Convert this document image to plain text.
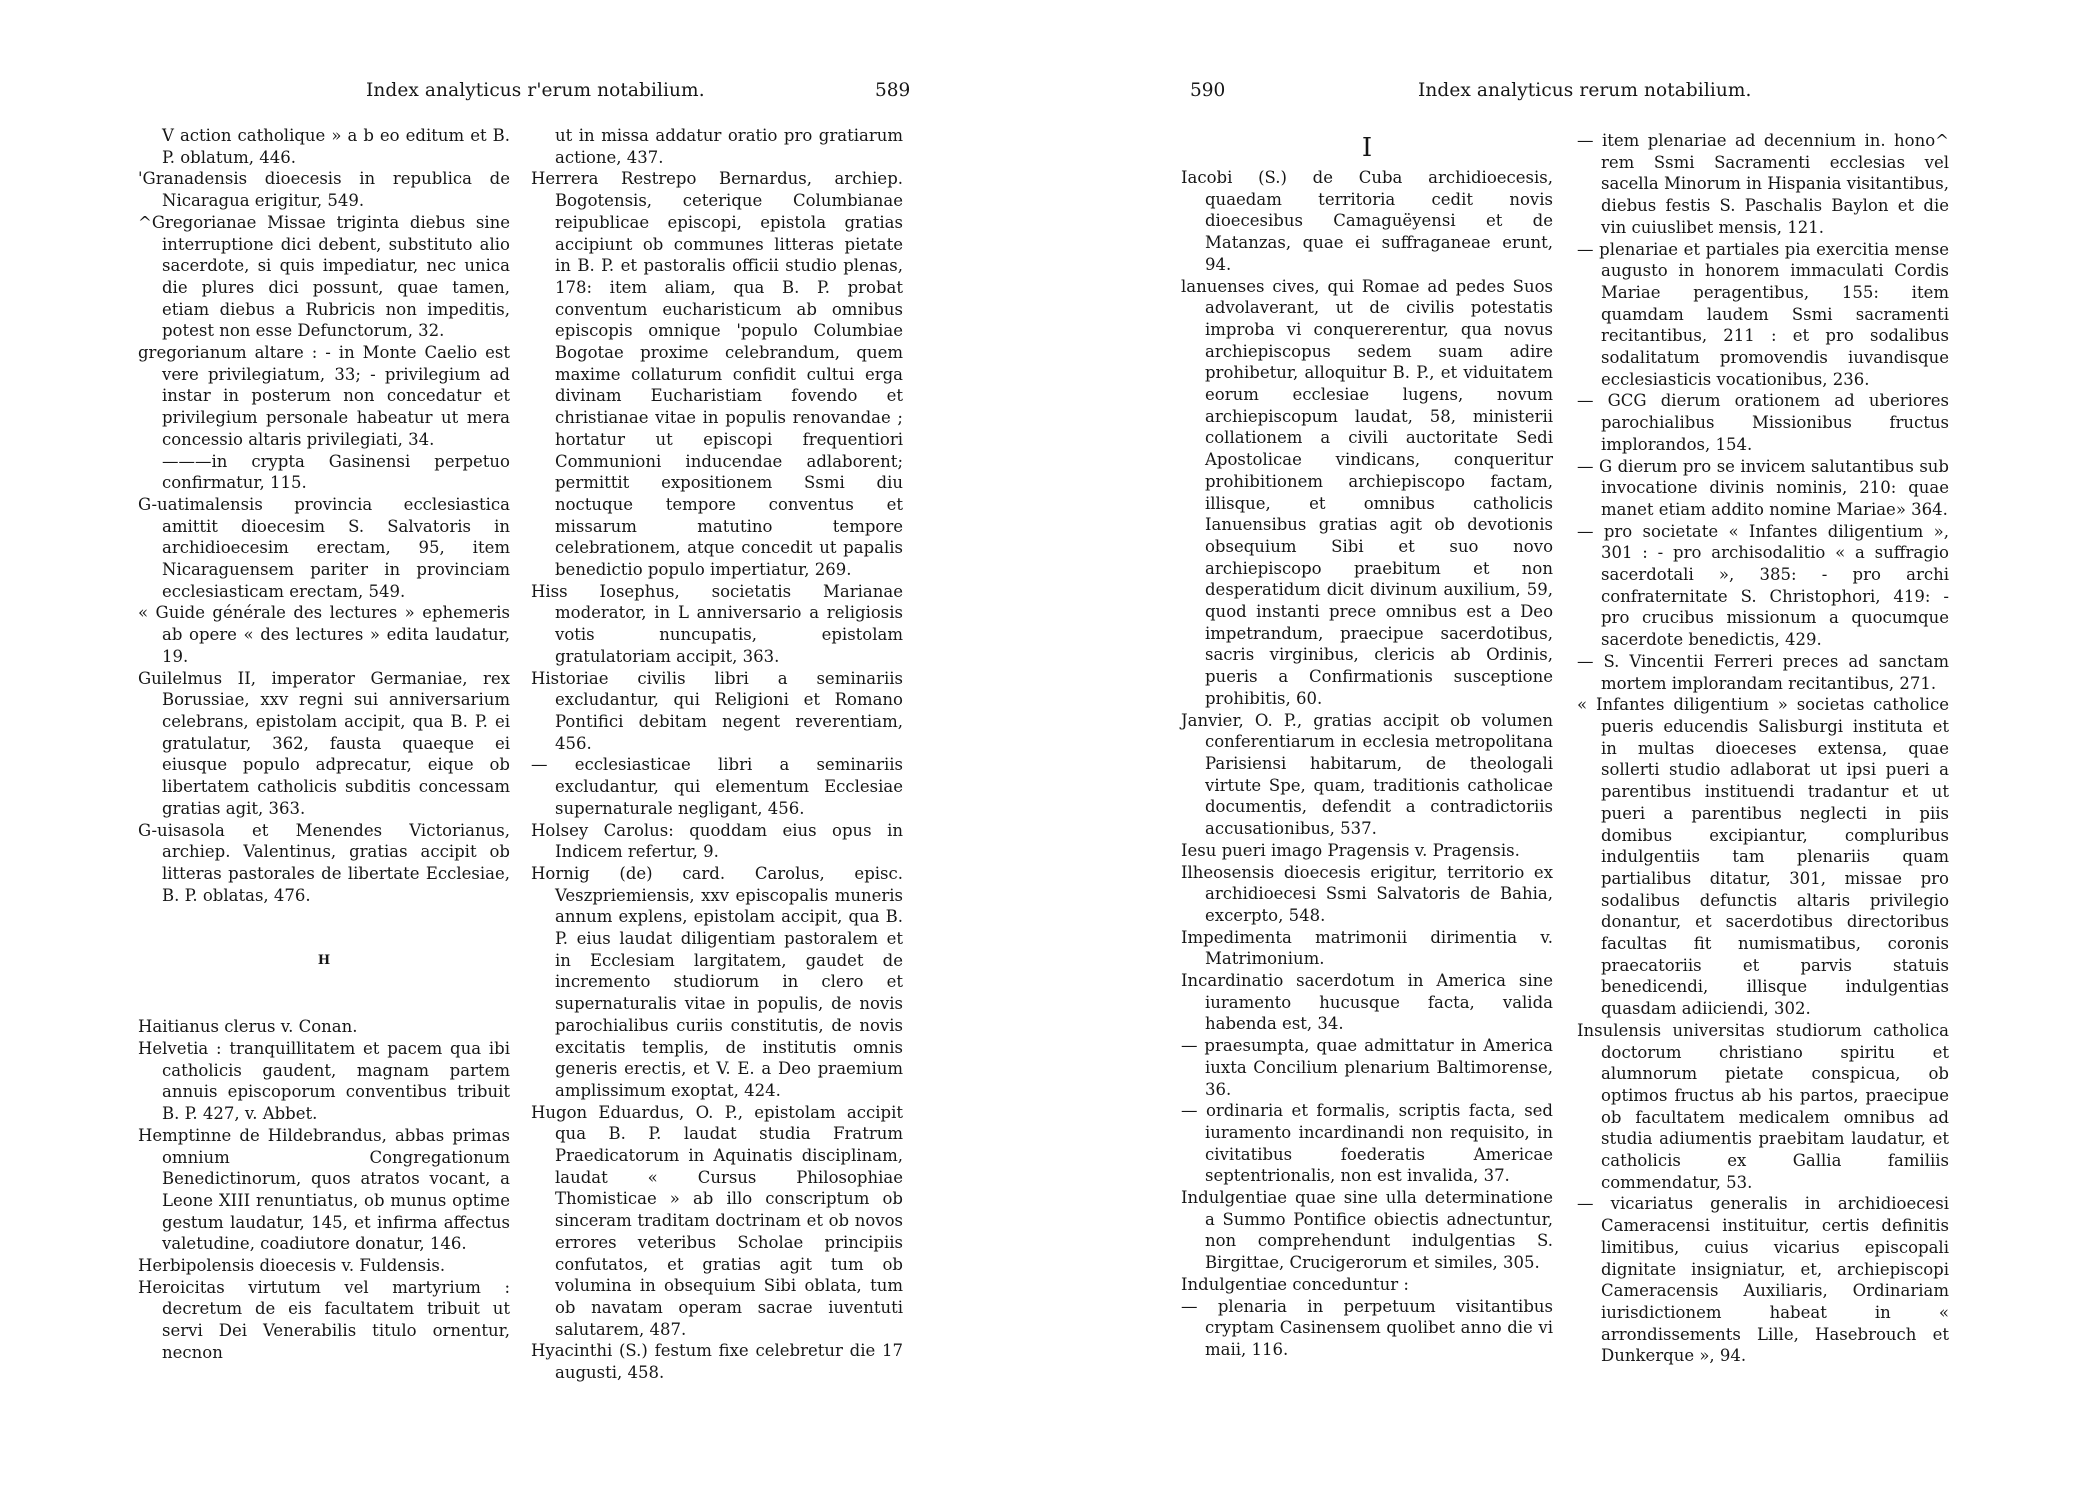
Index analyticus r'erum notabilium.	589

V action catholique » a b eo editum et B. P. oblatum, 446.

'Granadensis dioecesis in republica de Nicaragua erigitur, 549.

^Gregorianae Missae triginta diebus sine interruptione dici debent, substituto alio sacerdote, si quis impediatur, nec unica die plures dici possunt, quae tamen, etiam diebus a Rubricis non impeditis, potest non esse Defunctorum, 32.

gregorianum altare : - in Monte Caelio est vere privilegiatum, 33; - privilegium ad instar in posterum non concedatur et privilegium personale habeatur ut mera concessio altaris privilegiati, 34.

———in crypta Gasinensi perpetuo confirmatur, 115.

G-uatimalensis provincia ecclesiastica amittit dioecesim S. Salvatoris in archidioecesim erectam, 95, item Nicaraguensem pariter in provinciam ecclesiasticam erectam, 549.

« Guide générale des lectures » ephemeris ab opere « des lectures » edita laudatur, 19.

Guilelmus II, imperator Germaniae, rex Borussiae, xxv regni sui anniversarium celebrans, epistolam accipit, qua B. P. ei gratulatur, 362, fausta quaeque ei eiusque populo adprecatur, eique ob libertatem catholicis subditis concessam gratias agit, 363.

G-uisasola et Menendes Victorianus, archiep. Valentinus, gratias accipit ob litteras pastorales de libertate Ecclesiae, B. P. oblatas, 476.

H

Haitianus clerus v. Conan.

Helvetia : tranquillitatem et pacem qua ibi catholicis gaudent, magnam partem annuis episcoporum conventibus tribuit B. P. 427, v. Abbet.

Hemptinne de Hildebrandus, abbas primas omnium Congregationum Benedictinorum, quos atratos vocant, a Leone XIII renuntiatus, ob munus optime gestum laudatur, 145, et infirma affectus valetudine, coadiutore donatur, 146.

Herbipolensis dioecesis v. Fuldensis.

Heroicitas virtutum vel martyrium : decretum de eis facultatem tribuit ut servi Dei Venerabilis titulo ornentur, necnon

ut in missa addatur oratio pro gratiarum actione, 437.

Herrera Restrepo Bernardus, archiep. Bogotensis, ceterique Columbianae reipublicae episcopi, epistola gratias accipiunt ob communes litteras pietate in B. P. et pastoralis officii studio plenas, 178: item aliam, qua B. P. probat conventum eucharisticum ab omnibus episcopis omnique 'populo Columbiae Bogotae proxime celebrandum, quem maxime collaturum confidit cultui erga divinam Eucharistiam fovendo et christianae vitae in populis renovandae ; hortatur ut episcopi frequentiori Communioni inducendae adlaborent; permittit expositionem Ssmi diu noctuque tempore conventus et missarum matutino tempore celebrationem, atque concedit ut papalis benedictio populo impertiatur, 269.

Hiss Iosephus, societatis Marianae moderator, in L anniversario a religiosis votis nuncupatis, epistolam gratulatoriam accipit, 363.

Historiae civilis libri a seminariis excludantur, qui Religioni et Romano Pontifici debitam negent reverentiam, 456.

— ecclesiasticae libri a seminariis excludantur, qui elementum Ecclesiae supernaturale negligant, 456.

Holsey Carolus: quoddam eius opus in Indicem refertur, 9.

Hornig (de) card. Carolus, episc. Veszpriemiensis, xxv episcopalis muneris annum explens, epistolam accipit, qua B. P. eius laudat diligentiam pastoralem et in Ecclesiam largitatem, gaudet de incremento studiorum in clero et supernaturalis vitae in populis, de novis parochialibus curiis constitutis, de novis excitatis templis, de institutis omnis generis erectis, et V. E. a Deo praemium amplissimum exoptat, 424.

Hugon Eduardus, O. P., epistolam accipit qua B. P. laudat studia Fratrum Praedicatorum in Aquinatis disciplinam, laudat « Cursus Philosophiae Thomisticae » ab illo conscriptum ob sinceram traditam doctrinam et ob novos errores veteribus Scholae principiis confutatos, et gratias agit tum ob volumina in obsequium Sibi oblata, tum ob navatam operam sacrae iuventuti salutarem, 487.

Hyacinthi (S.) festum fixe celebretur die 17 augusti, 458.

590	Index analyticus rerum notabilium.
I

Iacobi (S.) de Cuba archidioecesis, quaedam territoria cedit novis dioecesibus Camaguëyensi et de Matanzas, quae ei suffraganeae erunt, 94.

lanuenses cives, qui Romae ad pedes Suos advolaverant, ut de civilis potestatis improba vi conquererentur, qua novus archiepiscopus sedem suam adire prohibetur, alloquitur B. P., et viduitatem eorum ecclesiae lugens, novum archiepiscopum laudat, 58, ministerii collationem a civili auctoritate Sedi Apostolicae vindicans, conqueritur prohibitionem archiepiscopo factam, illisque, et omnibus catholicis Ianuensibus gratias agit ob devotionis obsequium Sibi et suo novo archiepiscopo praebitum et non desperatidum dicit divinum auxilium, 59, quod instanti prece omnibus est a Deo impetrandum, praecipue sacerdotibus, sacris virginibus, clericis ab Ordinis, pueris a Confirmationis susceptione prohibitis, 60.

Janvier, O. P., gratias accipit ob volumen conferentiarum in ecclesia metropolitana Parisiensi habitarum, de theologali virtute Spe, quam, traditionis catholicae documentis, defendit a contradictoriis accusationibus, 537.

Iesu pueri imago Pragensis v. Pragensis.

Ilheosensis dioecesis erigitur, territorio ex archidioecesi Ssmi Salvatoris de Bahia, excerpto, 548.

Impedimenta matrimonii dirimentia v. Matrimonium.

Incardinatio sacerdotum in America sine iuramento hucusque facta, valida habenda est, 34.

— praesumpta, quae admittatur in America iuxta Concilium plenarium Baltimorense, 36.

— ordinaria et formalis, scriptis facta, sed iuramento incardinandi non requisito, in civitatibus foederatis Americae septentrionalis, non est invalida, 37.

Indulgentiae quae sine ulla determinatione a Summo Pontifice obiectis adnectuntur, non comprehendunt indulgentias S. Birgittae, Crucigerorum et similes, 305.

Indulgentiae conceduntur :

— plenaria in perpetuum visitantibus cryptam Casinensem quolibet anno die vi maii, 116.

— item plenariae ad decennium in. hono^ rem Ssmi Sacramenti ecclesias vel sacella Minorum in Hispania visitantibus, diebus festis S. Paschalis Baylon et die vin cuiuslibet mensis, 121.

— plenariae et partiales pia exercitia mense augusto in honorem immaculati Cordis Mariae peragentibus, 155: item quamdam laudem Ssmi sacramenti recitantibus, 211 : et pro sodalibus sodalitatum promovendis iuvandisque ecclesiasticis vocationibus, 236.

— GCG dierum orationem ad uberiores parochialibus Missionibus fructus implorandos, 154.

— G dierum pro se invicem salutantibus sub invocatione divinis nominis, 210: quae manet etiam addito nomine Mariae» 364.

— pro societate « Infantes diligentium », 301 : - pro archisodalitio « a suffragio sacerdotali », 385: - pro archi confraternitate S. Christophori, 419: - pro crucibus missionum a quocumque sacerdote benedictis, 429.

— S. Vincentii Ferreri preces ad sanctam mortem implorandam recitantibus, 271.

« Infantes diligentium » societas catholice pueris educendis Salisburgi instituta et in multas dioeceses extensa, quae sollerti studio adlaborat ut ipsi pueri a parentibus instituendi tradantur et ut pueri a parentibus neglecti in piis domibus excipiantur, compluribus indulgentiis tam plenariis quam partialibus ditatur, 301, missae pro sodalibus defunctis altaris privilegio donantur, et sacerdotibus directoribus facultas fit numismatibus, coronis praecatoriis et parvis statuis benedicendi, illisque indulgentias quasdam adiiciendi, 302.

Insulensis universitas studiorum catholica doctorum christiano spiritu et alumnorum pietate conspicua, ob optimos fructus ab his partos, praecipue ob facultatem medicalem omnibus ad studia adiumentis praebitam laudatur, et catholicis ex Gallia familiis commendatur, 53.

— vicariatus generalis in archidioecesi Cameracensi instituitur, certis definitis limitibus, cuius vicarius episcopali dignitate insigniatur, et, archiepiscopi Cameracensis Auxiliaris, Ordinariam iurisdictionem habeat in « arrondissements Lille, Hasebrouch et Dunkerque », 94.
